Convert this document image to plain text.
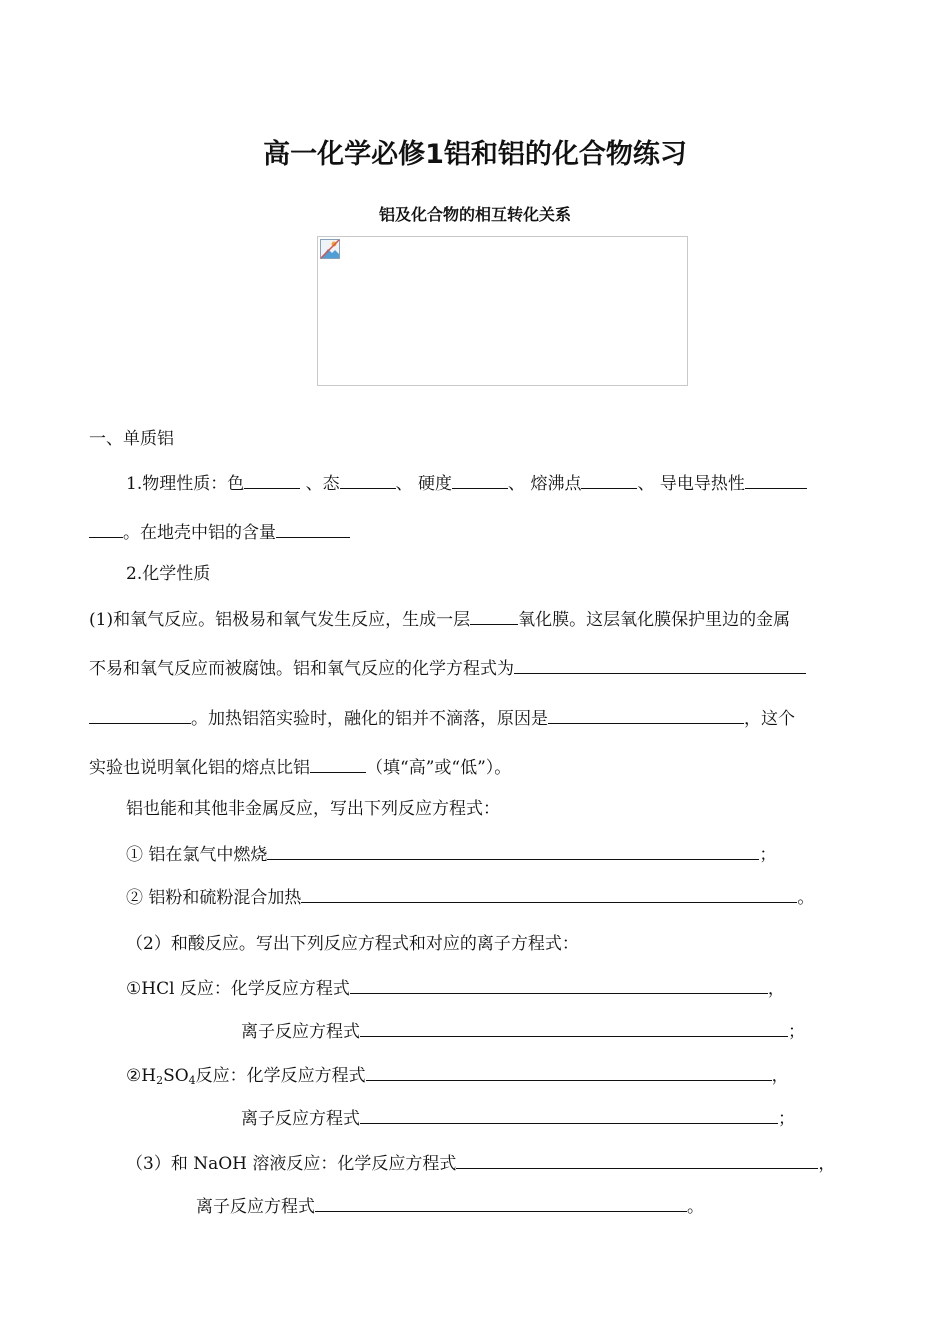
高一化学必修1铝和铝的化合物练习
铝及化合物的相互转化关系
一、单质铝
1.物理性质：色	、态	、 硬度	、 熔沸点	、 导电导热性
。在地壳中铝的含量
2.化学性质
(1)和氧气反应。铝极易和氧气发生反应，生成一层	氧化膜。这层氧化膜保护里边的金属
不易和氧气反应而被腐蚀。铝和氧气反应的化学方程式为
。加热铝箔实验时，融化的铝并不滴落，原因是	，这个
实验也说明氧化铝的熔点比铝	（填“高”或“低”）。
铝也能和其他非金属反应，写出下列反应方程式：
① 铝在氯气中燃烧	；
② 铝粉和硫粉混合加热	。
（2）和酸反应。写出下列反应方程式和对应的离子方程式：
①HCl 反应：化学反应方程式	，
离子反应方程式	；
$②H_2SO_4$反应：化学反应方程式	，
离子反应方程式	；
（3）和 NaOH 溶液反应：化学反应方程式	，
离子反应方程式	。
